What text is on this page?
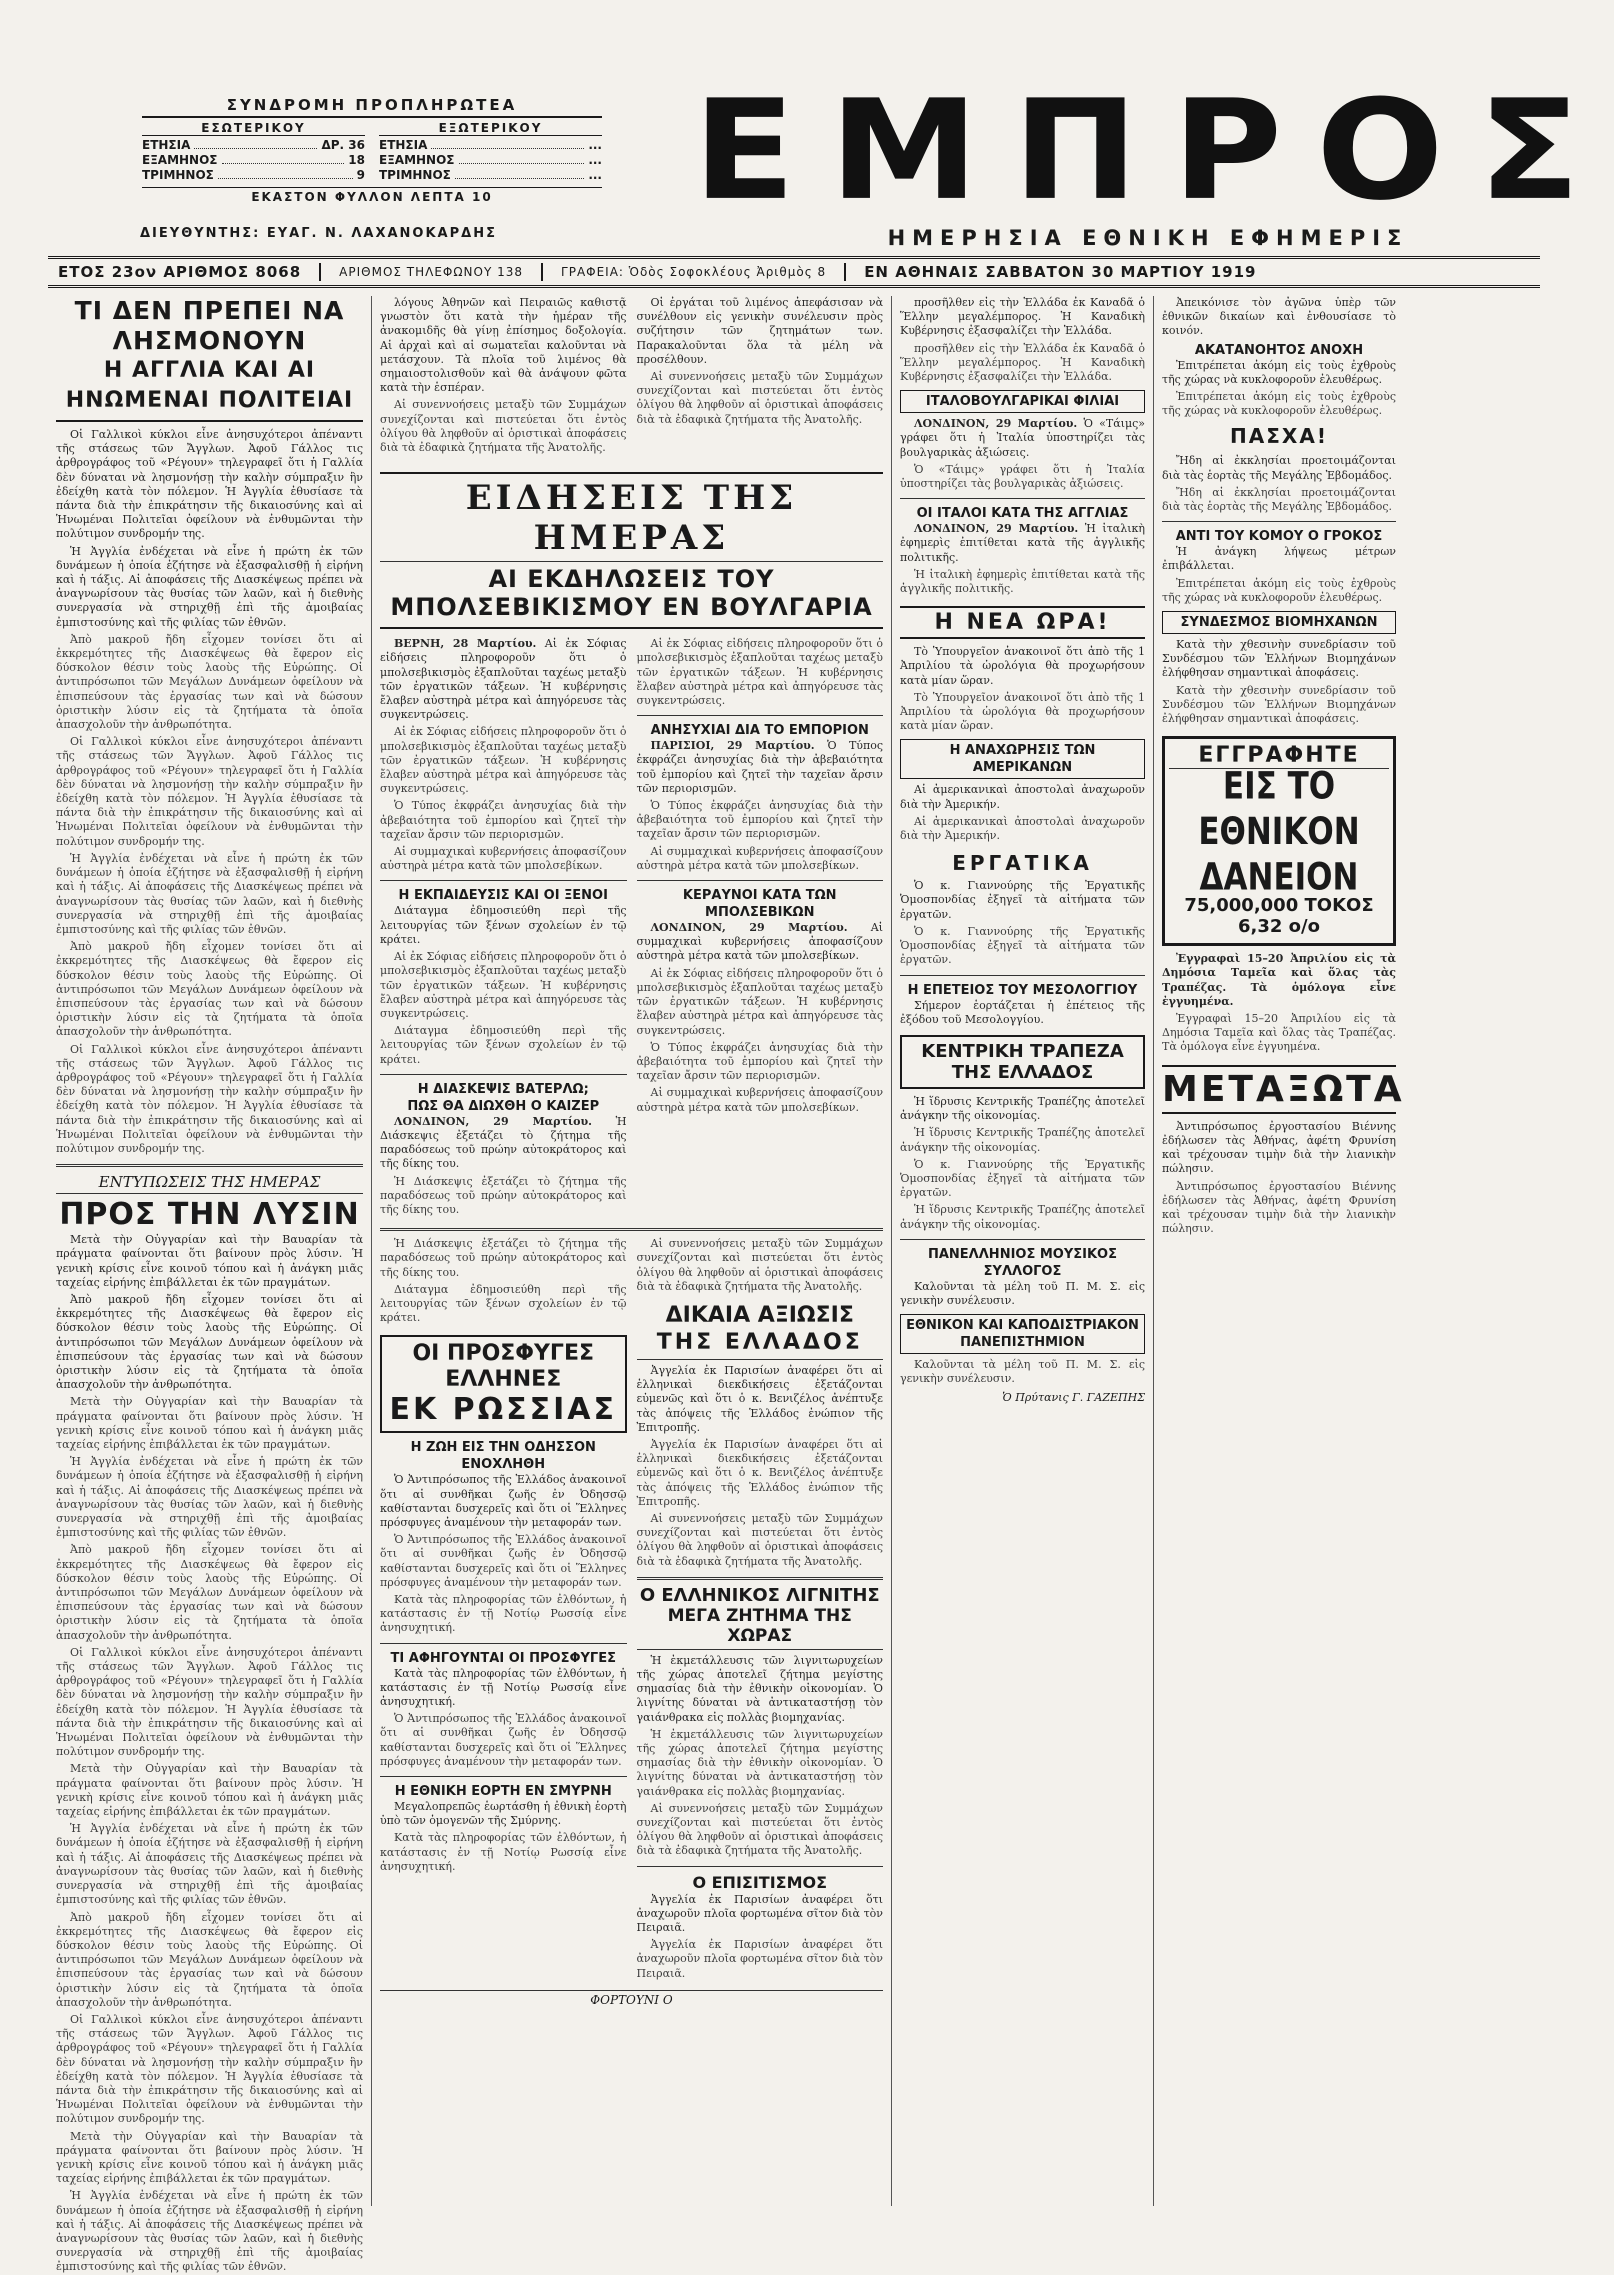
ΣΥΝΔΡΟΜΗ ΠΡΟΠΛΗΡΩΤΕΑ
ΕΣΩΤΕΡΙΚΟΥ
ΕΤΗΣΙΑ	ΔΡ. 36
ΕΞΑΜΗΝΟΣ	18
ΤΡΙΜΗΝΟΣ	9
ΕΞΩΤΕΡΙΚΟΥ
ΕΤΗΣΙΑ	...
ΕΞΑΜΗΝΟΣ	...
ΤΡΙΜΗΝΟΣ	...
ΕΚΑΣΤΟΝ ΦΥΛΛΟΝ ΛΕΠΤΑ 10
ΔΙΕΥΘΥΝΤΗΣ: ΕΥΑΓ. Ν. ΛΑΧΑΝΟΚΑΡΔΗΣ
ΕΜΠΡΟΣ
ΗΜΕΡΗΣΙΑ ΕΘΝΙΚΗ ΕΦΗΜΕΡΙΣ
ΕΤΟΣ 23ον ΑΡΙΘΜΟΣ 8068	ΑΡΙΘΜΟΣ ΤΗΛΕΦΩΝΟΥ 138	ΓΡΑΦΕΙΑ: Ὁδὸς Σοφοκλέους Ἀριθμὸς 8	ΕΝ ΑΘΗΝΑΙΣ ΣΑΒΒΑΤΟΝ 30 ΜΑΡΤΙΟΥ 1919
ΤΙ ΔΕΝ ΠΡΕΠΕΙ ΝΑ ΛΗΣΜΟΝΟΥΝ
Η ΑΓΓΛΙΑ ΚΑΙ ΑΙ ΗΝΩΜΕΝΑΙ ΠΟΛΙΤΕΙΑΙ

Οἱ Γαλλικοὶ κύκλοι εἶνε ἀνησυχότεροι ἀπέναντι τῆς στάσεως τῶν Ἄγγλων. Ἀφοῦ Γάλλος τις ἀρθρογράφος τοῦ «Ρέγουν» τηλεγραφεῖ ὅτι ἡ Γαλλία δὲν δύναται νὰ λησμονήσῃ τὴν καλὴν σύμπραξιν ἣν ἐδείχθη κατὰ τὸν πόλεμον. Ἡ Ἀγγλία ἐθυσίασε τὰ πάντα διὰ τὴν ἐπικράτησιν τῆς δικαιοσύνης καὶ αἱ Ἡνωμέναι Πολιτεῖαι ὀφείλουν νὰ ἐνθυμῶνται τὴν πολύτιμον συνδρομήν της.

Ἡ Ἀγγλία ἐνδέχεται νὰ εἶνε ἡ πρώτη ἐκ τῶν δυνάμεων ἡ ὁποία ἐζήτησε νὰ ἐξασφαλισθῇ ἡ εἰρήνη καὶ ἡ τάξις. Αἱ ἀποφάσεις τῆς Διασκέψεως πρέπει νὰ ἀναγνωρίσουν τὰς θυσίας τῶν λαῶν, καὶ ἡ διεθνὴς συνεργασία νὰ στηριχθῇ ἐπὶ τῆς ἀμοιβαίας ἐμπιστοσύνης καὶ τῆς φιλίας τῶν ἐθνῶν.

Ἀπὸ μακροῦ ἤδη εἶχομεν τονίσει ὅτι αἱ ἐκκρεμότητες τῆς Διασκέψεως θὰ ἔφερον εἰς δύσκολον θέσιν τοὺς λαοὺς τῆς Εὐρώπης. Οἱ ἀντιπρόσωποι τῶν Μεγάλων Δυνάμεων ὀφείλουν νὰ ἐπισπεύσουν τὰς ἐργασίας των καὶ νὰ δώσουν ὁριστικὴν λύσιν εἰς τὰ ζητήματα τὰ ὁποῖα ἀπασχολοῦν τὴν ἀνθρωπότητα.

Οἱ Γαλλικοὶ κύκλοι εἶνε ἀνησυχότεροι ἀπέναντι τῆς στάσεως τῶν Ἄγγλων. Ἀφοῦ Γάλλος τις ἀρθρογράφος τοῦ «Ρέγουν» τηλεγραφεῖ ὅτι ἡ Γαλλία δὲν δύναται νὰ λησμονήσῃ τὴν καλὴν σύμπραξιν ἣν ἐδείχθη κατὰ τὸν πόλεμον. Ἡ Ἀγγλία ἐθυσίασε τὰ πάντα διὰ τὴν ἐπικράτησιν τῆς δικαιοσύνης καὶ αἱ Ἡνωμέναι Πολιτεῖαι ὀφείλουν νὰ ἐνθυμῶνται τὴν πολύτιμον συνδρομήν της.

Ἡ Ἀγγλία ἐνδέχεται νὰ εἶνε ἡ πρώτη ἐκ τῶν δυνάμεων ἡ ὁποία ἐζήτησε νὰ ἐξασφαλισθῇ ἡ εἰρήνη καὶ ἡ τάξις. Αἱ ἀποφάσεις τῆς Διασκέψεως πρέπει νὰ ἀναγνωρίσουν τὰς θυσίας τῶν λαῶν, καὶ ἡ διεθνὴς συνεργασία νὰ στηριχθῇ ἐπὶ τῆς ἀμοιβαίας ἐμπιστοσύνης καὶ τῆς φιλίας τῶν ἐθνῶν.

Ἀπὸ μακροῦ ἤδη εἶχομεν τονίσει ὅτι αἱ ἐκκρεμότητες τῆς Διασκέψεως θὰ ἔφερον εἰς δύσκολον θέσιν τοὺς λαοὺς τῆς Εὐρώπης. Οἱ ἀντιπρόσωποι τῶν Μεγάλων Δυνάμεων ὀφείλουν νὰ ἐπισπεύσουν τὰς ἐργασίας των καὶ νὰ δώσουν ὁριστικὴν λύσιν εἰς τὰ ζητήματα τὰ ὁποῖα ἀπασχολοῦν τὴν ἀνθρωπότητα.

Οἱ Γαλλικοὶ κύκλοι εἶνε ἀνησυχότεροι ἀπέναντι τῆς στάσεως τῶν Ἄγγλων. Ἀφοῦ Γάλλος τις ἀρθρογράφος τοῦ «Ρέγουν» τηλεγραφεῖ ὅτι ἡ Γαλλία δὲν δύναται νὰ λησμονήσῃ τὴν καλὴν σύμπραξιν ἣν ἐδείχθη κατὰ τὸν πόλεμον. Ἡ Ἀγγλία ἐθυσίασε τὰ πάντα διὰ τὴν ἐπικράτησιν τῆς δικαιοσύνης καὶ αἱ Ἡνωμέναι Πολιτεῖαι ὀφείλουν νὰ ἐνθυμῶνται τὴν πολύτιμον συνδρομήν της.

ΕΝΤΥΠΩΣΕΙΣ ΤΗΣ ΗΜΕΡΑΣ
ΠΡΟΣ ΤΗΝ ΛΥΣΙΝ

Μετὰ τὴν Οὐγγαρίαν καὶ τὴν Βαυαρίαν τὰ πράγματα φαίνονται ὅτι βαίνουν πρὸς λύσιν. Ἡ γενικὴ κρίσις εἶνε κοινοῦ τόπου καὶ ἡ ἀνάγκη μιᾶς ταχείας εἰρήνης ἐπιβάλλεται ἐκ τῶν πραγμάτων.

Ἀπὸ μακροῦ ἤδη εἶχομεν τονίσει ὅτι αἱ ἐκκρεμότητες τῆς Διασκέψεως θὰ ἔφερον εἰς δύσκολον θέσιν τοὺς λαοὺς τῆς Εὐρώπης. Οἱ ἀντιπρόσωποι τῶν Μεγάλων Δυνάμεων ὀφείλουν νὰ ἐπισπεύσουν τὰς ἐργασίας των καὶ νὰ δώσουν ὁριστικὴν λύσιν εἰς τὰ ζητήματα τὰ ὁποῖα ἀπασχολοῦν τὴν ἀνθρωπότητα.

Μετὰ τὴν Οὐγγαρίαν καὶ τὴν Βαυαρίαν τὰ πράγματα φαίνονται ὅτι βαίνουν πρὸς λύσιν. Ἡ γενικὴ κρίσις εἶνε κοινοῦ τόπου καὶ ἡ ἀνάγκη μιᾶς ταχείας εἰρήνης ἐπιβάλλεται ἐκ τῶν πραγμάτων.

Ἡ Ἀγγλία ἐνδέχεται νὰ εἶνε ἡ πρώτη ἐκ τῶν δυνάμεων ἡ ὁποία ἐζήτησε νὰ ἐξασφαλισθῇ ἡ εἰρήνη καὶ ἡ τάξις. Αἱ ἀποφάσεις τῆς Διασκέψεως πρέπει νὰ ἀναγνωρίσουν τὰς θυσίας τῶν λαῶν, καὶ ἡ διεθνὴς συνεργασία νὰ στηριχθῇ ἐπὶ τῆς ἀμοιβαίας ἐμπιστοσύνης καὶ τῆς φιλίας τῶν ἐθνῶν.

Ἀπὸ μακροῦ ἤδη εἶχομεν τονίσει ὅτι αἱ ἐκκρεμότητες τῆς Διασκέψεως θὰ ἔφερον εἰς δύσκολον θέσιν τοὺς λαοὺς τῆς Εὐρώπης. Οἱ ἀντιπρόσωποι τῶν Μεγάλων Δυνάμεων ὀφείλουν νὰ ἐπισπεύσουν τὰς ἐργασίας των καὶ νὰ δώσουν ὁριστικὴν λύσιν εἰς τὰ ζητήματα τὰ ὁποῖα ἀπασχολοῦν τὴν ἀνθρωπότητα.

Οἱ Γαλλικοὶ κύκλοι εἶνε ἀνησυχότεροι ἀπέναντι τῆς στάσεως τῶν Ἄγγλων. Ἀφοῦ Γάλλος τις ἀρθρογράφος τοῦ «Ρέγουν» τηλεγραφεῖ ὅτι ἡ Γαλλία δὲν δύναται νὰ λησμονήσῃ τὴν καλὴν σύμπραξιν ἣν ἐδείχθη κατὰ τὸν πόλεμον. Ἡ Ἀγγλία ἐθυσίασε τὰ πάντα διὰ τὴν ἐπικράτησιν τῆς δικαιοσύνης καὶ αἱ Ἡνωμέναι Πολιτεῖαι ὀφείλουν νὰ ἐνθυμῶνται τὴν πολύτιμον συνδρομήν της.

Μετὰ τὴν Οὐγγαρίαν καὶ τὴν Βαυαρίαν τὰ πράγματα φαίνονται ὅτι βαίνουν πρὸς λύσιν. Ἡ γενικὴ κρίσις εἶνε κοινοῦ τόπου καὶ ἡ ἀνάγκη μιᾶς ταχείας εἰρήνης ἐπιβάλλεται ἐκ τῶν πραγμάτων.

Ἡ Ἀγγλία ἐνδέχεται νὰ εἶνε ἡ πρώτη ἐκ τῶν δυνάμεων ἡ ὁποία ἐζήτησε νὰ ἐξασφαλισθῇ ἡ εἰρήνη καὶ ἡ τάξις. Αἱ ἀποφάσεις τῆς Διασκέψεως πρέπει νὰ ἀναγνωρίσουν τὰς θυσίας τῶν λαῶν, καὶ ἡ διεθνὴς συνεργασία νὰ στηριχθῇ ἐπὶ τῆς ἀμοιβαίας ἐμπιστοσύνης καὶ τῆς φιλίας τῶν ἐθνῶν.

Ἀπὸ μακροῦ ἤδη εἶχομεν τονίσει ὅτι αἱ ἐκκρεμότητες τῆς Διασκέψεως θὰ ἔφερον εἰς δύσκολον θέσιν τοὺς λαοὺς τῆς Εὐρώπης. Οἱ ἀντιπρόσωποι τῶν Μεγάλων Δυνάμεων ὀφείλουν νὰ ἐπισπεύσουν τὰς ἐργασίας των καὶ νὰ δώσουν ὁριστικὴν λύσιν εἰς τὰ ζητήματα τὰ ὁποῖα ἀπασχολοῦν τὴν ἀνθρωπότητα.

Οἱ Γαλλικοὶ κύκλοι εἶνε ἀνησυχότεροι ἀπέναντι τῆς στάσεως τῶν Ἄγγλων. Ἀφοῦ Γάλλος τις ἀρθρογράφος τοῦ «Ρέγουν» τηλεγραφεῖ ὅτι ἡ Γαλλία δὲν δύναται νὰ λησμονήσῃ τὴν καλὴν σύμπραξιν ἣν ἐδείχθη κατὰ τὸν πόλεμον. Ἡ Ἀγγλία ἐθυσίασε τὰ πάντα διὰ τὴν ἐπικράτησιν τῆς δικαιοσύνης καὶ αἱ Ἡνωμέναι Πολιτεῖαι ὀφείλουν νὰ ἐνθυμῶνται τὴν πολύτιμον συνδρομήν της.

Μετὰ τὴν Οὐγγαρίαν καὶ τὴν Βαυαρίαν τὰ πράγματα φαίνονται ὅτι βαίνουν πρὸς λύσιν. Ἡ γενικὴ κρίσις εἶνε κοινοῦ τόπου καὶ ἡ ἀνάγκη μιᾶς ταχείας εἰρήνης ἐπιβάλλεται ἐκ τῶν πραγμάτων.

Ἡ Ἀγγλία ἐνδέχεται νὰ εἶνε ἡ πρώτη ἐκ τῶν δυνάμεων ἡ ὁποία ἐζήτησε νὰ ἐξασφαλισθῇ ἡ εἰρήνη καὶ ἡ τάξις. Αἱ ἀποφάσεις τῆς Διασκέψεως πρέπει νὰ ἀναγνωρίσουν τὰς θυσίας τῶν λαῶν, καὶ ἡ διεθνὴς συνεργασία νὰ στηριχθῇ ἐπὶ τῆς ἀμοιβαίας ἐμπιστοσύνης καὶ τῆς φιλίας τῶν ἐθνῶν.

λόγους Ἀθηνῶν καὶ Πειραιῶς καθιστᾷ γνωστὸν ὅτι κατὰ τὴν ἡμέραν τῆς ἀνακομιδῆς θὰ γίνῃ ἐπίσημος δοξολογία. Αἱ ἀρχαὶ καὶ αἱ σωματεῖαι καλοῦνται νὰ μετάσχουν. Τὰ πλοῖα τοῦ λιμένος θὰ σημαιοστολισθοῦν καὶ θὰ ἀνάψουν φῶτα κατὰ τὴν ἑσπέραν.

Αἱ συνεννοήσεις μεταξὺ τῶν Συμμάχων συνεχίζονται καὶ πιστεύεται ὅτι ἐντὸς ὀλίγου θὰ ληφθοῦν αἱ ὁριστικαὶ ἀποφάσεις διὰ τὰ ἐδαφικὰ ζητήματα τῆς Ἀνατολῆς.

Οἱ ἐργάται τοῦ λιμένος ἀπεφάσισαν νὰ συνέλθουν εἰς γενικὴν συνέλευσιν πρὸς συζήτησιν τῶν ζητημάτων των. Παρακαλοῦνται ὅλα τὰ μέλη νὰ προσέλθουν.

Αἱ συνεννοήσεις μεταξὺ τῶν Συμμάχων συνεχίζονται καὶ πιστεύεται ὅτι ἐντὸς ὀλίγου θὰ ληφθοῦν αἱ ὁριστικαὶ ἀποφάσεις διὰ τὰ ἐδαφικὰ ζητήματα τῆς Ἀνατολῆς.

ΕΙΔΗΣΕΙΣ ΤΗΣ ΗΜΕΡΑΣ
ΑΙ ΕΚΔΗΛΩΣΕΙΣ ΤΟΥ ΜΠΟΛΣΕΒΙΚΙΣΜΟΥ ΕΝ ΒΟΥΛΓΑΡΙΑ

ΒΕΡΝΗ, 28 Μαρτίου. Αἱ ἐκ Σόφιας εἰδήσεις πληροφοροῦν ὅτι ὁ μπολσεβικισμὸς ἐξαπλοῦται ταχέως μεταξὺ τῶν ἐργατικῶν τάξεων. Ἡ κυβέρνησις ἔλαβεν αὐστηρὰ μέτρα καὶ ἀπηγόρευσε τὰς συγκεντρώσεις.

Αἱ ἐκ Σόφιας εἰδήσεις πληροφοροῦν ὅτι ὁ μπολσεβικισμὸς ἐξαπλοῦται ταχέως μεταξὺ τῶν ἐργατικῶν τάξεων. Ἡ κυβέρνησις ἔλαβεν αὐστηρὰ μέτρα καὶ ἀπηγόρευσε τὰς συγκεντρώσεις.

Ὁ Τύπος ἐκφράζει ἀνησυχίας διὰ τὴν ἀβεβαιότητα τοῦ ἐμπορίου καὶ ζητεῖ τὴν ταχεῖαν ἄρσιν τῶν περιορισμῶν.

Αἱ συμμαχικαὶ κυβερνήσεις ἀποφασίζουν αὐστηρὰ μέτρα κατὰ τῶν μπολσεβίκων.

Η ΕΚΠΑΙΔΕΥΣΙΣ ΚΑΙ ΟΙ ΞΕΝΟΙ

Διάταγμα ἐδημοσιεύθη περὶ τῆς λειτουργίας τῶν ξένων σχολείων ἐν τῷ κράτει.

Αἱ ἐκ Σόφιας εἰδήσεις πληροφοροῦν ὅτι ὁ μπολσεβικισμὸς ἐξαπλοῦται ταχέως μεταξὺ τῶν ἐργατικῶν τάξεων. Ἡ κυβέρνησις ἔλαβεν αὐστηρὰ μέτρα καὶ ἀπηγόρευσε τὰς συγκεντρώσεις.

Διάταγμα ἐδημοσιεύθη περὶ τῆς λειτουργίας τῶν ξένων σχολείων ἐν τῷ κράτει.

Η ΔΙΑΣΚΕΨΙΣ ΒΑΤΕΡΛΩ;
ΠΩΣ ΘΑ ΔΙΩΧΘΗ Ο ΚΑΙΖΕΡ

ΛΟΝΔΙΝΟΝ, 29 Μαρτίου. Ἡ Διάσκεψις ἐξετάζει τὸ ζήτημα τῆς παραδόσεως τοῦ πρώην αὐτοκράτορος καὶ τῆς δίκης του.

Ἡ Διάσκεψις ἐξετάζει τὸ ζήτημα τῆς παραδόσεως τοῦ πρώην αὐτοκράτορος καὶ τῆς δίκης του.

Αἱ ἐκ Σόφιας εἰδήσεις πληροφοροῦν ὅτι ὁ μπολσεβικισμὸς ἐξαπλοῦται ταχέως μεταξὺ τῶν ἐργατικῶν τάξεων. Ἡ κυβέρνησις ἔλαβεν αὐστηρὰ μέτρα καὶ ἀπηγόρευσε τὰς συγκεντρώσεις.

ΑΝΗΣΥΧΙΑΙ ΔΙΑ ΤΟ ΕΜΠΟΡΙΟΝ

ΠΑΡΙΣΙΟΙ, 29 Μαρτίου. Ὁ Τύπος ἐκφράζει ἀνησυχίας διὰ τὴν ἀβεβαιότητα τοῦ ἐμπορίου καὶ ζητεῖ τὴν ταχεῖαν ἄρσιν τῶν περιορισμῶν.

Ὁ Τύπος ἐκφράζει ἀνησυχίας διὰ τὴν ἀβεβαιότητα τοῦ ἐμπορίου καὶ ζητεῖ τὴν ταχεῖαν ἄρσιν τῶν περιορισμῶν.

Αἱ συμμαχικαὶ κυβερνήσεις ἀποφασίζουν αὐστηρὰ μέτρα κατὰ τῶν μπολσεβίκων.

ΚΕΡΑΥΝΟΙ ΚΑΤΑ ΤΩΝ ΜΠΟΛΣΕΒΙΚΩΝ

ΛΟΝΔΙΝΟΝ, 29 Μαρτίου. Αἱ συμμαχικαὶ κυβερνήσεις ἀποφασίζουν αὐστηρὰ μέτρα κατὰ τῶν μπολσεβίκων.

Αἱ ἐκ Σόφιας εἰδήσεις πληροφοροῦν ὅτι ὁ μπολσεβικισμὸς ἐξαπλοῦται ταχέως μεταξὺ τῶν ἐργατικῶν τάξεων. Ἡ κυβέρνησις ἔλαβεν αὐστηρὰ μέτρα καὶ ἀπηγόρευσε τὰς συγκεντρώσεις.

Ὁ Τύπος ἐκφράζει ἀνησυχίας διὰ τὴν ἀβεβαιότητα τοῦ ἐμπορίου καὶ ζητεῖ τὴν ταχεῖαν ἄρσιν τῶν περιορισμῶν.

Αἱ συμμαχικαὶ κυβερνήσεις ἀποφασίζουν αὐστηρὰ μέτρα κατὰ τῶν μπολσεβίκων.

Ἡ Διάσκεψις ἐξετάζει τὸ ζήτημα τῆς παραδόσεως τοῦ πρώην αὐτοκράτορος καὶ τῆς δίκης του.

Διάταγμα ἐδημοσιεύθη περὶ τῆς λειτουργίας τῶν ξένων σχολείων ἐν τῷ κράτει.

ΟΙ ΠΡΟΣΦΥΓΕΣ ΕΛΛΗΝΕΣ
ΕΚ ΡΩΣΣΙΑΣ
Η ΖΩΗ ΕΙΣ ΤΗΝ ΟΔΗΣΣΟΝ ΕΝΟΧΛΗΘΗ

Ὁ Ἀντιπρόσωπος τῆς Ἑλλάδος ἀνακοινοῖ ὅτι αἱ συνθῆκαι ζωῆς ἐν Ὀδησσῷ καθίστανται δυσχερεῖς καὶ ὅτι οἱ Ἕλληνες πρόσφυγες ἀναμένουν τὴν μεταφοράν των.

Ὁ Ἀντιπρόσωπος τῆς Ἑλλάδος ἀνακοινοῖ ὅτι αἱ συνθῆκαι ζωῆς ἐν Ὀδησσῷ καθίστανται δυσχερεῖς καὶ ὅτι οἱ Ἕλληνες πρόσφυγες ἀναμένουν τὴν μεταφοράν των.

Κατὰ τὰς πληροφορίας τῶν ἐλθόντων, ἡ κατάστασις ἐν τῇ Νοτίῳ Ρωσσίᾳ εἶνε ἀνησυχητική.

ΤΙ ΑΦΗΓΟΥΝΤΑΙ ΟΙ ΠΡΟΣΦΥΓΕΣ

Κατὰ τὰς πληροφορίας τῶν ἐλθόντων, ἡ κατάστασις ἐν τῇ Νοτίῳ Ρωσσίᾳ εἶνε ἀνησυχητική.

Ὁ Ἀντιπρόσωπος τῆς Ἑλλάδος ἀνακοινοῖ ὅτι αἱ συνθῆκαι ζωῆς ἐν Ὀδησσῷ καθίστανται δυσχερεῖς καὶ ὅτι οἱ Ἕλληνες πρόσφυγες ἀναμένουν τὴν μεταφοράν των.

Η ΕΘΝΙΚΗ ΕΟΡΤΗ ΕΝ ΣΜΥΡΝΗ

Μεγαλοπρεπῶς ἑωρτάσθη ἡ ἐθνικὴ ἑορτὴ ὑπὸ τῶν ὁμογενῶν τῆς Σμύρνης.

Κατὰ τὰς πληροφορίας τῶν ἐλθόντων, ἡ κατάστασις ἐν τῇ Νοτίῳ Ρωσσίᾳ εἶνε ἀνησυχητική.

Αἱ συνεννοήσεις μεταξὺ τῶν Συμμάχων συνεχίζονται καὶ πιστεύεται ὅτι ἐντὸς ὀλίγου θὰ ληφθοῦν αἱ ὁριστικαὶ ἀποφάσεις διὰ τὰ ἐδαφικὰ ζητήματα τῆς Ἀνατολῆς.

ΔΙΚΑΙΑ ΑΞΙΩΣΙΣ
ΤΗΣ ΕΛΛΑΔΟΣ

Ἀγγελία ἐκ Παρισίων ἀναφέρει ὅτι αἱ ἑλληνικαὶ διεκδικήσεις ἐξετάζονται εὐμενῶς καὶ ὅτι ὁ κ. Βενιζέλος ἀνέπτυξε τὰς ἀπόψεις τῆς Ἑλλάδος ἐνώπιον τῆς Ἐπιτροπῆς.

Ἀγγελία ἐκ Παρισίων ἀναφέρει ὅτι αἱ ἑλληνικαὶ διεκδικήσεις ἐξετάζονται εὐμενῶς καὶ ὅτι ὁ κ. Βενιζέλος ἀνέπτυξε τὰς ἀπόψεις τῆς Ἑλλάδος ἐνώπιον τῆς Ἐπιτροπῆς.

Αἱ συνεννοήσεις μεταξὺ τῶν Συμμάχων συνεχίζονται καὶ πιστεύεται ὅτι ἐντὸς ὀλίγου θὰ ληφθοῦν αἱ ὁριστικαὶ ἀποφάσεις διὰ τὰ ἐδαφικὰ ζητήματα τῆς Ἀνατολῆς.

Ο ΕΛΛΗΝΙΚΟΣ ΛΙΓΝΙΤΗΣ
ΜΕΓΑ ΖΗΤΗΜΑ ΤΗΣ ΧΩΡΑΣ

Ἡ ἐκμετάλλευσις τῶν λιγνιτωρυχείων τῆς χώρας ἀποτελεῖ ζήτημα μεγίστης σημασίας διὰ τὴν ἐθνικὴν οἰκονομίαν. Ὁ λιγνίτης δύναται νὰ ἀντικαταστήσῃ τὸν γαιάνθρακα εἰς πολλὰς βιομηχανίας.

Ἡ ἐκμετάλλευσις τῶν λιγνιτωρυχείων τῆς χώρας ἀποτελεῖ ζήτημα μεγίστης σημασίας διὰ τὴν ἐθνικὴν οἰκονομίαν. Ὁ λιγνίτης δύναται νὰ ἀντικαταστήσῃ τὸν γαιάνθρακα εἰς πολλὰς βιομηχανίας.

Αἱ συνεννοήσεις μεταξὺ τῶν Συμμάχων συνεχίζονται καὶ πιστεύεται ὅτι ἐντὸς ὀλίγου θὰ ληφθοῦν αἱ ὁριστικαὶ ἀποφάσεις διὰ τὰ ἐδαφικὰ ζητήματα τῆς Ἀνατολῆς.

Ο ΕΠΙΣΙΤΙΣΜΟΣ

Ἀγγελία ἐκ Παρισίων ἀναφέρει ὅτι ἀναχωροῦν πλοῖα φορτωμένα σῖτον διὰ τὸν Πειραιᾶ.

Ἀγγελία ἐκ Παρισίων ἀναφέρει ὅτι ἀναχωροῦν πλοῖα φορτωμένα σῖτον διὰ τὸν Πειραιᾶ.

ΦΟΡΤΟΥΝΙ Ο

προσῆλθεν εἰς τὴν Ἑλλάδα ἐκ Καναδᾶ ὁ Ἕλλην μεγαλέμπορος. Ἡ Καναδικὴ Κυβέρνησις ἐξασφαλίζει τὴν Ἑλλάδα.

προσῆλθεν εἰς τὴν Ἑλλάδα ἐκ Καναδᾶ ὁ Ἕλλην μεγαλέμπορος. Ἡ Καναδικὴ Κυβέρνησις ἐξασφαλίζει τὴν Ἑλλάδα.

ΙΤΑΛΟΒΟΥΛΓΑΡΙΚΑΙ ΦΙΛΙΑΙ

ΛΟΝΔΙΝΟΝ, 29 Μαρτίου. Ὁ «Τάιμς» γράφει ὅτι ἡ Ἰταλία ὑποστηρίζει τὰς βουλγαρικὰς ἀξιώσεις.

Ὁ «Τάιμς» γράφει ὅτι ἡ Ἰταλία ὑποστηρίζει τὰς βουλγαρικὰς ἀξιώσεις.

ΟΙ ΙΤΑΛΟΙ ΚΑΤΑ ΤΗΣ ΑΓΓΛΙΑΣ

ΛΟΝΔΙΝΟΝ, 29 Μαρτίου. Ἡ ἰταλικὴ ἐφημερὶς ἐπιτίθεται κατὰ τῆς ἀγγλικῆς πολιτικῆς.

Ἡ ἰταλικὴ ἐφημερὶς ἐπιτίθεται κατὰ τῆς ἀγγλικῆς πολιτικῆς.

Η ΝΕΑ ΩΡΑ!

Τὸ Ὑπουργεῖον ἀνακοινοῖ ὅτι ἀπὸ τῆς 1 Ἀπριλίου τὰ ὡρολόγια θὰ προχωρήσουν κατὰ μίαν ὥραν.

Τὸ Ὑπουργεῖον ἀνακοινοῖ ὅτι ἀπὸ τῆς 1 Ἀπριλίου τὰ ὡρολόγια θὰ προχωρήσουν κατὰ μίαν ὥραν.

Η ΑΝΑΧΩΡΗΣΙΣ ΤΩΝ ΑΜΕΡΙΚΑΝΩΝ

Αἱ ἀμερικανικαὶ ἀποστολαὶ ἀναχωροῦν διὰ τὴν Ἀμερικήν.

Αἱ ἀμερικανικαὶ ἀποστολαὶ ἀναχωροῦν διὰ τὴν Ἀμερικήν.

ΕΡΓΑΤΙΚΑ

Ὁ κ. Γιαννούρης τῆς Ἐργατικῆς Ὁμοσπονδίας ἐξηγεῖ τὰ αἰτήματα τῶν ἐργατῶν.

Ὁ κ. Γιαννούρης τῆς Ἐργατικῆς Ὁμοσπονδίας ἐξηγεῖ τὰ αἰτήματα τῶν ἐργατῶν.

Η ΕΠΕΤΕΙΟΣ ΤΟΥ ΜΕΣΟΛΟΓΓΙΟΥ

Σήμερον ἑορτάζεται ἡ ἐπέτειος τῆς ἐξόδου τοῦ Μεσολογγίου.

ΚΕΝΤΡΙΚΗ ΤΡΑΠΕΖΑ ΤΗΣ ΕΛΛΑΔΟΣ

Ἡ ἵδρυσις Κεντρικῆς Τραπέζης ἀποτελεῖ ἀνάγκην τῆς οἰκονομίας.

Ἡ ἵδρυσις Κεντρικῆς Τραπέζης ἀποτελεῖ ἀνάγκην τῆς οἰκονομίας.

Ὁ κ. Γιαννούρης τῆς Ἐργατικῆς Ὁμοσπονδίας ἐξηγεῖ τὰ αἰτήματα τῶν ἐργατῶν.

Ἡ ἵδρυσις Κεντρικῆς Τραπέζης ἀποτελεῖ ἀνάγκην τῆς οἰκονομίας.

ΠΑΝΕΛΛΗΝΙΟΣ ΜΟΥΣΙΚΟΣ ΣΥΛΛΟΓΟΣ

Καλοῦνται τὰ μέλη τοῦ Π. Μ. Σ. εἰς γενικὴν συνέλευσιν.

ΕΘΝΙΚΟΝ ΚΑΙ ΚΑΠΟΔΙΣΤΡΙΑΚΟΝ ΠΑΝΕΠΙΣΤΗΜΙΟΝ

Καλοῦνται τὰ μέλη τοῦ Π. Μ. Σ. εἰς γενικὴν συνέλευσιν.

Ὁ Πρύτανις Γ. ΓΑΖΕΠΗΣ

Ἀπεικόνισε τὸν ἀγῶνα ὑπὲρ τῶν ἐθνικῶν δικαίων καὶ ἐνθουσίασε τὸ κοινόν.

ΑΚΑΤΑΝΟΗΤΟΣ ΑΝΟΧΗ

Ἐπιτρέπεται ἀκόμη εἰς τοὺς ἐχθροὺς τῆς χώρας νὰ κυκλοφοροῦν ἐλευθέρως.

Ἐπιτρέπεται ἀκόμη εἰς τοὺς ἐχθροὺς τῆς χώρας νὰ κυκλοφοροῦν ἐλευθέρως.

ΠΑΣΧΑ!

Ἤδη αἱ ἐκκλησίαι προετοιμάζονται διὰ τὰς ἑορτὰς τῆς Μεγάλης Ἑβδομάδος.

Ἤδη αἱ ἐκκλησίαι προετοιμάζονται διὰ τὰς ἑορτὰς τῆς Μεγάλης Ἑβδομάδος.

ΑΝΤΙ ΤΟΥ ΚΟΜΟΥ Ο ΓΡΟΚΟΣ

Ἡ ἀνάγκη λήψεως μέτρων ἐπιβάλλεται.

Ἐπιτρέπεται ἀκόμη εἰς τοὺς ἐχθροὺς τῆς χώρας νὰ κυκλοφοροῦν ἐλευθέρως.

ΣΥΝΔΕΣΜΟΣ ΒΙΟΜΗΧΑΝΩΝ

Κατὰ τὴν χθεσινὴν συνεδρίασιν τοῦ Συνδέσμου τῶν Ἑλλήνων Βιομηχάνων ἐλήφθησαν σημαντικαὶ ἀποφάσεις.

Κατὰ τὴν χθεσινὴν συνεδρίασιν τοῦ Συνδέσμου τῶν Ἑλλήνων Βιομηχάνων ἐλήφθησαν σημαντικαὶ ἀποφάσεις.

ΕΓΓΡΑΦΗΤΕ
ΕΙΣ ΤΟ ΕΘΝΙΚΟΝ ΔΑΝΕΙΟΝ
75,000,000 ΤΟΚΟΣ 6,32 ο/ο

Ἐγγραφαὶ 15–20 Ἀπριλίου εἰς τὰ Δημόσια Ταμεῖα καὶ ὅλας τὰς Τραπέζας. Τὰ ὁμόλογα εἶνε ἐγγυημένα.

Ἐγγραφαὶ 15–20 Ἀπριλίου εἰς τὰ Δημόσια Ταμεῖα καὶ ὅλας τὰς Τραπέζας. Τὰ ὁμόλογα εἶνε ἐγγυημένα.

ΜΕΤΑΞΩΤΑ

Ἀντιπρόσωπος ἐργοστασίου Βιέννης ἐδήλωσεν τὰς Ἀθήνας, ἀφέτη Φρυνίση καὶ τρέχουσαν τιμὴν διὰ τὴν λιανικὴν πώλησιν.

Ἀντιπρόσωπος ἐργοστασίου Βιέννης ἐδήλωσεν τὰς Ἀθήνας, ἀφέτη Φρυνίση καὶ τρέχουσαν τιμὴν διὰ τὴν λιανικὴν πώλησιν.
